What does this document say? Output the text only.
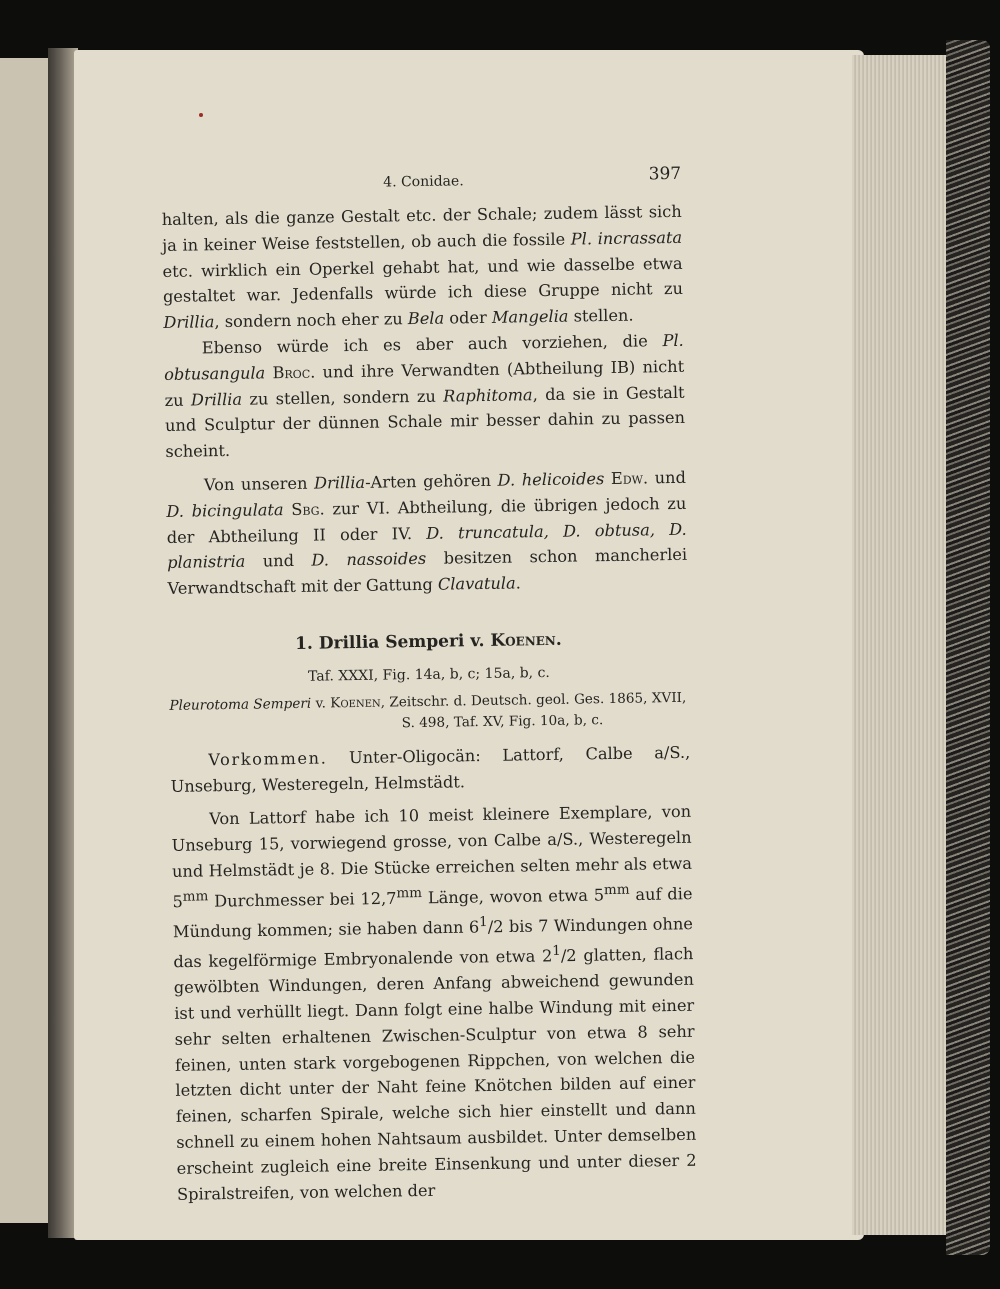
4. Conidae.	397

halten, als die ganze Gestalt etc. der Schale; zudem lässt sich ja in keiner Weise feststellen, ob auch die fossile Pl. incrassata etc. wirklich ein Operkel gehabt hat, und wie dasselbe etwa gestaltet war. Jedenfalls würde ich diese Gruppe nicht zu Drillia, sondern noch eher zu Bela oder Mangelia stellen.

Ebenso würde ich es aber auch vorziehen, die Pl. obtusangula Broc. und ihre Verwandten (Abtheilung IB) nicht zu Drillia zu stellen, sondern zu Raphitoma, da sie in Gestalt und Sculptur der dünnen Schale mir besser dahin zu passen scheint.

Von unseren Drillia-Arten gehören D. helicoides Edw. und D. bicingulata Sbg. zur VI. Abtheilung, die übrigen jedoch zu der Abtheilung II oder IV. D. truncatula, D. obtusa, D. planistria und D. nassoides besitzen schon mancherlei Verwandtschaft mit der Gattung Clavatula.

1. Drillia Semperi v. Koenen.
Taf. XXXI, Fig. 14a, b, c; 15a, b, c.
Pleurotoma Semperi v. Koenen, Zeitschr. d. Deutsch. geol. Ges. 1865, XVII,
S. 498, Taf. XV, Fig. 10a, b, c.

Vorkommen. Unter-Oligocän: Lattorf, Calbe a/S., Unseburg, Westeregeln, Helmstädt.

Von Lattorf habe ich 10 meist kleinere Exemplare, von Unseburg 15, vorwiegend grosse, von Calbe a/S., Westeregeln und Helmstädt je 8. Die Stücke erreichen selten mehr als etwa $5^{mm}$ Durchmesser bei $12,7^{mm}$ Länge, wovon etwa $5^{mm}$ auf die Mündung kommen; sie haben dann $6^1/2$ bis 7 Windungen ohne das kegelförmige Embryonalende von etwa $2^1/2$ glatten, flach gewölbten Windungen, deren Anfang abweichend gewunden ist und verhüllt liegt. Dann folgt eine halbe Windung mit einer sehr selten erhaltenen Zwischen-Sculptur von etwa 8 sehr feinen, unten stark vorgebogenen Rippchen, von welchen die letzten dicht unter der Naht feine Knötchen bilden auf einer feinen, scharfen Spirale, welche sich hier einstellt und dann schnell zu einem hohen Nahtsaum ausbildet. Unter demselben erscheint zugleich eine breite Einsenkung und unter dieser 2 Spiralstreifen, von welchen der
